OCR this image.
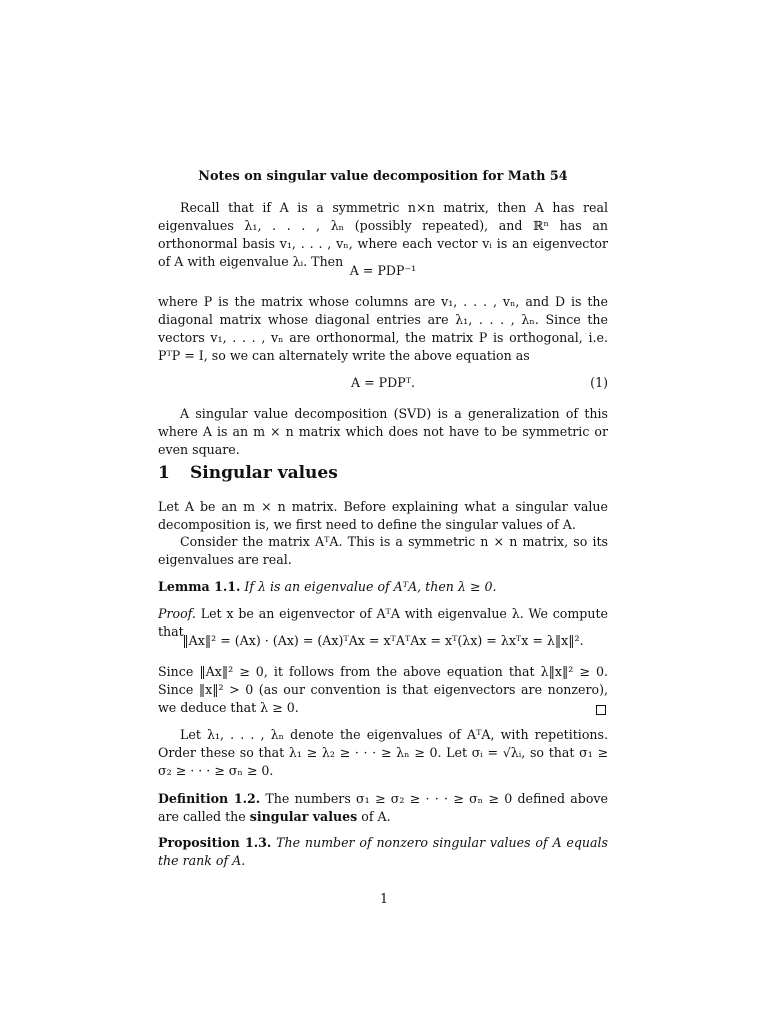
Notes on singular value decomposition for Math 54

Recall that if A is a symmetric n×n matrix, then A has real eigenvalues λ₁, . . . , λₙ (possibly repeated), and ℝⁿ has an orthonormal basis v₁, . . . , vₙ, where each vector vᵢ is an eigenvector of A with eigenvalue λᵢ. Then

A = PDP⁻¹

where P is the matrix whose columns are v₁, . . . , vₙ, and D is the diagonal matrix whose diagonal entries are λ₁, . . . , λₙ. Since the vectors v₁, . . . , vₙ are orthonormal, the matrix P is orthogonal, i.e. PᵀP = I, so we can alternately write the above equation as

A = PDPᵀ.	(1)

A singular value decomposition (SVD) is a generalization of this where A is an m × n matrix which does not have to be symmetric or even square.

1 Singular values

Let A be an m × n matrix. Before explaining what a singular value decomposition is, we first need to define the singular values of A.

Consider the matrix AᵀA. This is a symmetric n × n matrix, so its eigenvalues are real.

Lemma 1.1. If λ is an eigenvalue of AᵀA, then λ ≥ 0.

Proof. Let x be an eigenvector of AᵀA with eigenvalue λ. We compute that

‖Ax‖² = (Ax) · (Ax) = (Ax)ᵀAx = xᵀAᵀAx = xᵀ(λx) = λxᵀx = λ‖x‖².

Since ‖Ax‖² ≥ 0, it follows from the above equation that λ‖x‖² ≥ 0. Since ‖x‖² > 0 (as our convention is that eigenvectors are nonzero), we deduce that λ ≥ 0.

Let λ₁, . . . , λₙ denote the eigenvalues of AᵀA, with repetitions. Order these so that λ₁ ≥ λ₂ ≥ · · · ≥ λₙ ≥ 0. Let σᵢ = √λᵢ, so that σ₁ ≥ σ₂ ≥ · · · ≥ σₙ ≥ 0.

Definition 1.2. The numbers σ₁ ≥ σ₂ ≥ · · · ≥ σₙ ≥ 0 defined above are called the singular values of A.

Proposition 1.3. The number of nonzero singular values of A equals the rank of A.

1
